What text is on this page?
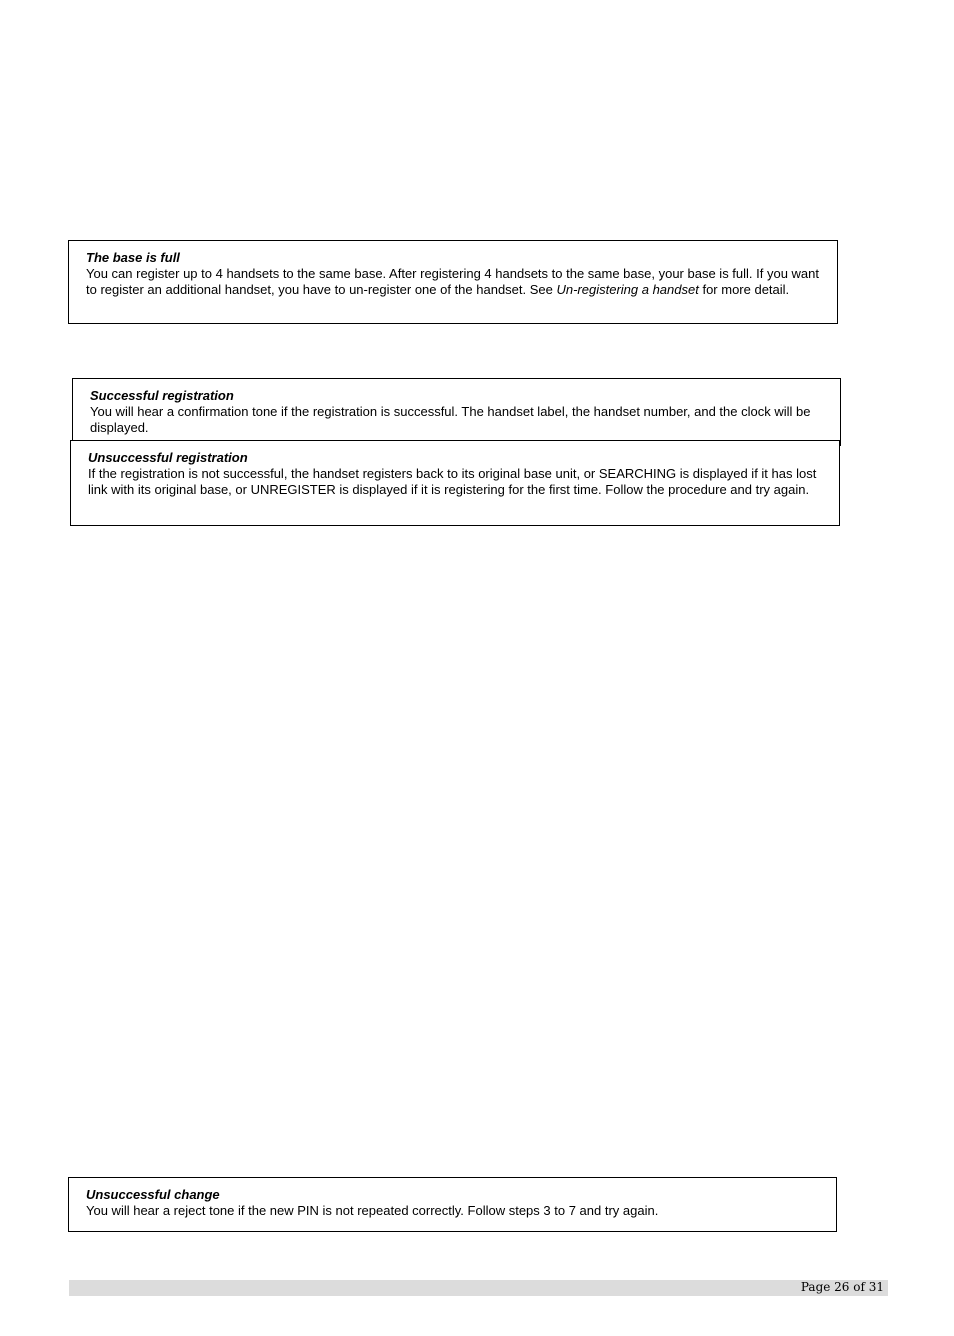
The base is full
You can register up to 4 handsets to the same base. After registering 4 handsets to the same base, your base is full. If you want to register an additional handset, you have to un-register one of the handset. See Un-registering a handset for more detail.
Successful registration
You will hear a confirmation tone if the registration is successful. The handset label, the handset number, and the clock will be displayed.
Unsuccessful registration
If the registration is not successful, the handset registers back to its original base unit, or SEARCHING is displayed if it has lost link with its original base, or UNREGISTER is displayed if it is registering for the first time. Follow the procedure and try again.
Unsuccessful change
You will hear a reject tone if the new PIN is not repeated correctly. Follow steps 3 to 7 and try again.
Page 26 of 31
